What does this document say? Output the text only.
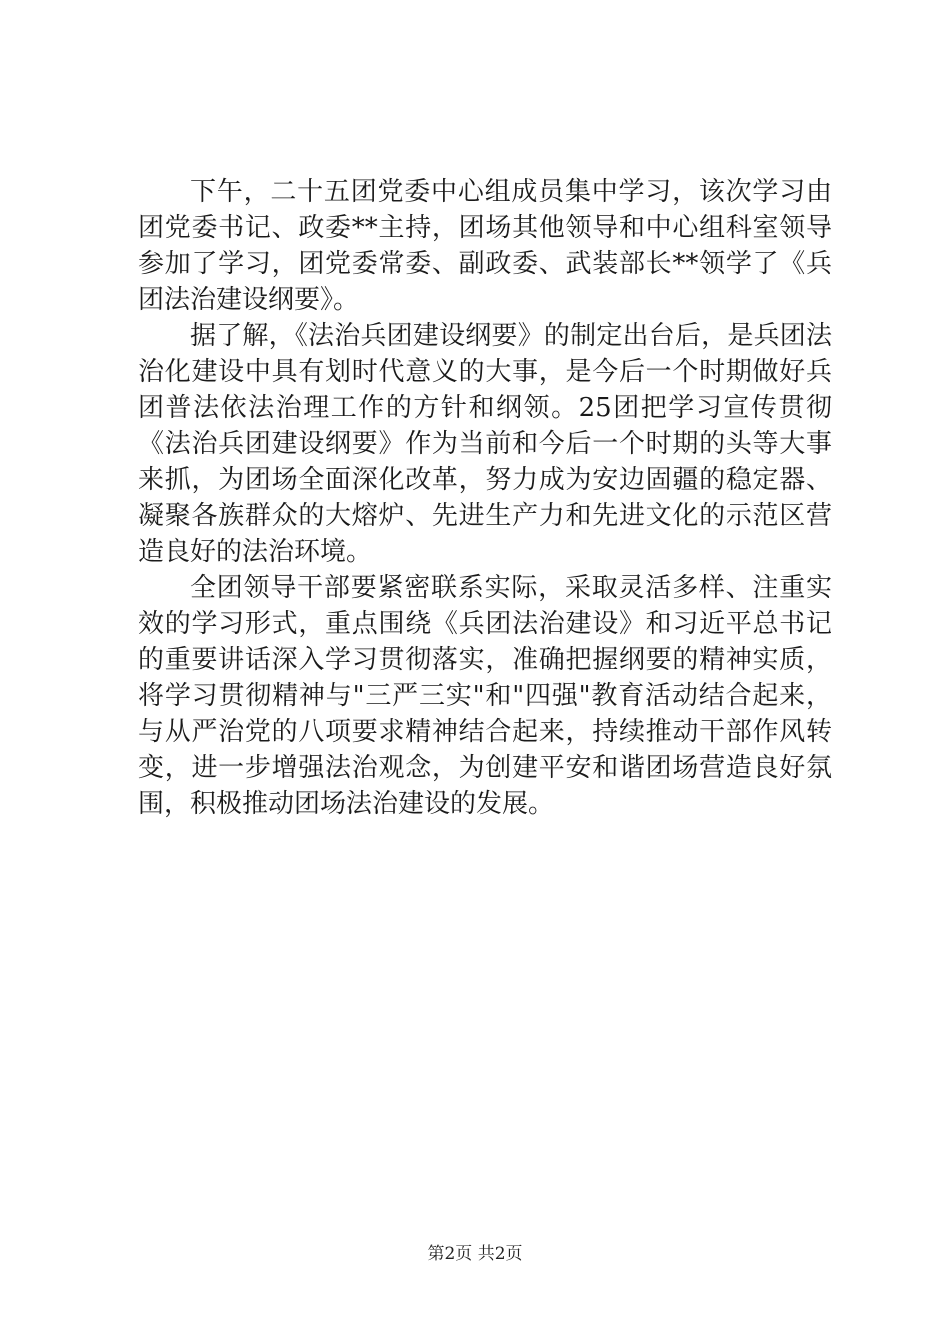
下午，二十五团党委中心组成员集中学习，该次学习由团党委书记、政委**主持，团场其他领导和中心组科室领导参加了学习，团党委常委、副政委、武装部长**领学了《兵团法治建设纲要》。

据了解，《法治兵团建设纲要》的制定出台后，是兵团法治化建设中具有划时代意义的大事，是今后一个时期做好兵团普法依法治理工作的方针和纲领。25团把学习宣传贯彻《法治兵团建设纲要》作为当前和今后一个时期的头等大事来抓，为团场全面深化改革，努力成为安边固疆的稳定器、凝聚各族群众的大熔炉、先进生产力和先进文化的示范区营造良好的法治环境。

全团领导干部要紧密联系实际，采取灵活多样、注重实效的学习形式，重点围绕《兵团法治建设》和习近平总书记的重要讲话深入学习贯彻落实，准确把握纲要的精神实质，将学习贯彻精神与"三严三实"和"四强"教育活动结合起来，与从严治党的八项要求精神结合起来，持续推动干部作风转变，进一步增强法治观念，为创建平安和谐团场营造良好氛围，积极推动团场法治建设的发展。

第2页 共2页
